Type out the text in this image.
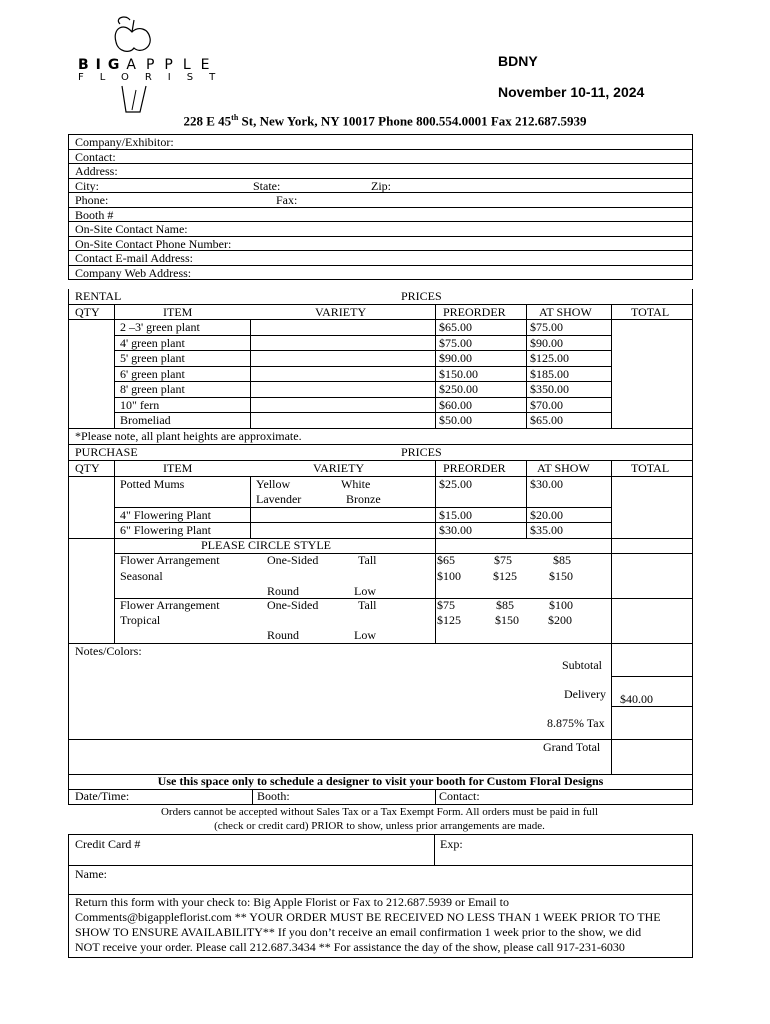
BIGAPPLE
FLORIST
BDNY
November 10-11, 2024
228 E 45th St, New York, NY 10017 Phone 800.554.0001 Fax 212.687.5939
Company/Exhibitor:
Contact:
Address:
City:	State:	Zip:
Phone:	Fax:
Booth #
On-Site Contact Name:
On-Site Contact Phone Number:
Contact E-mail Address:
Company Web Address:
RENTAL	PRICES
QTY	ITEM	VARIETY	PREORDER	AT SHOW	TOTAL
2 –3' green plant	$65.00	$75.00
4' green plant	$75.00	$90.00
5' green plant	$90.00	$125.00
6' green plant	$150.00	$185.00
8' green plant	$250.00	$350.00
10" fern	$60.00	$70.00
Bromeliad	$50.00	$65.00
*Please note, all plant heights are approximate.
PURCHASE	PRICES
QTY	ITEM	VARIETY	PREORDER	AT SHOW	TOTAL
Potted Mums	Yellow	White
Lavender	Bronze
$25.00	$30.00
4" Flowering Plant	$15.00	$20.00
6" Flowering Plant	$30.00	$35.00
PLEASE CIRCLE STYLE
Flower Arrangement
Seasonal
One-Sided	Tall
Round	Low
$65	$75	$85
$100	$125	$150
Flower Arrangement
Tropical
One-Sided	Tall
Round	Low
$75	$85	$100
$125	$150 $200
Notes/Colors:
Subtotal
Delivery $40.00
8.875% Tax
Grand Total
Use this space only to schedule a designer to visit your booth for Custom Floral Designs
Date/Time:	Booth:	Contact:
Orders cannot be accepted without Sales Tax or a Tax Exempt Form. All orders must be paid in full
(check or credit card) PRIOR to show, unless prior arrangements are made.
Credit Card #	Exp:
Name:
Return this form with your check to: Big Apple Florist or Fax to 212.687.5939 or Email to
Comments@bigappleflorist.com ** YOUR ORDER MUST BE RECEIVED NO LESS THAN 1 WEEK PRIOR TO THE
SHOW TO ENSURE AVAILABILITY** If you don’t receive an email confirmation 1 week prior to the show, we did
NOT receive your order. Please call 212.687.3434 ** For assistance the day of the show, please call 917-231-6030
